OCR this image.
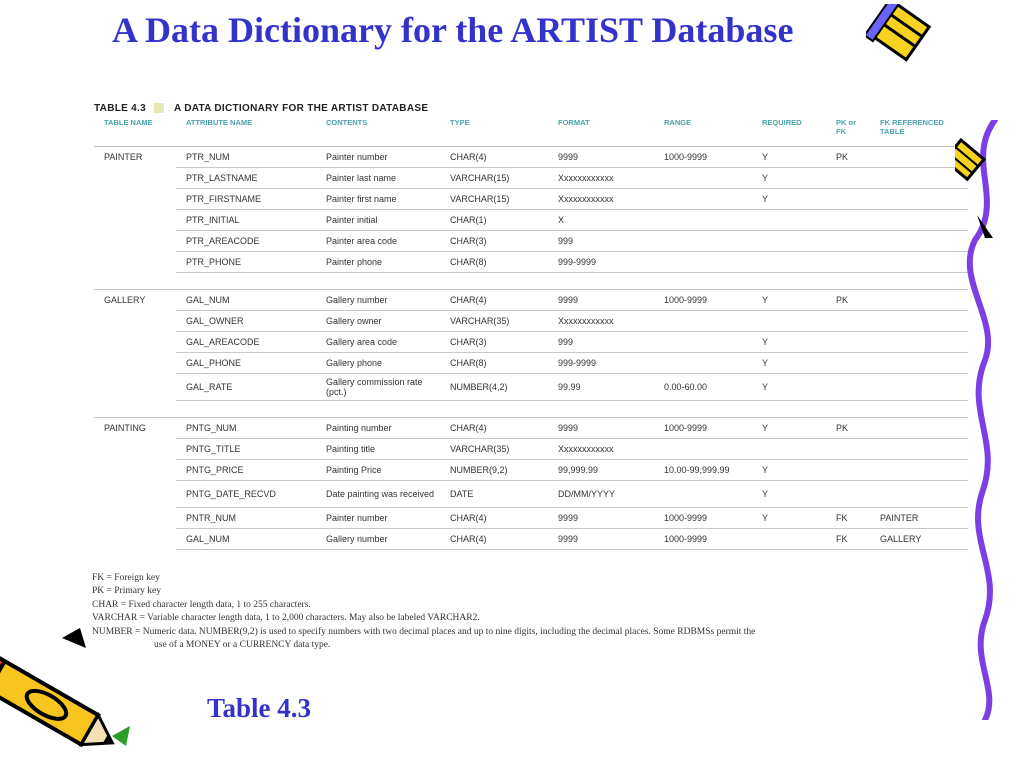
A Data Dictionary for the ARTIST Database
TABLE 4.3	A DATA DICTIONARY FOR THE ARTIST DATABASE
TABLE NAME	ATTRIBUTE NAME	CONTENTS	TYPE	FORMAT	RANGE	REQUIRED	PK or FK	FK REFERENCED TABLE
PAINTER	PTR_NUM	Painter number	CHAR(4)	9999	1000-9999	Y	PK	
	PTR_LASTNAME	Painter last name	VARCHAR(15)	Xxxxxxxxxxxx		Y		
	PTR_FIRSTNAME	Painter first name	VARCHAR(15)	Xxxxxxxxxxxx		Y		
	PTR_INITIAL	Painter initial	CHAR(1)	X				
	PTR_AREACODE	Painter area code	CHAR(3)	999				
	PTR_PHONE	Painter phone	CHAR(8)	999-9999				

GALLERY	GAL_NUM	Gallery number	CHAR(4)	9999	1000-9999	Y	PK	
	GAL_OWNER	Gallery owner	VARCHAR(35)	Xxxxxxxxxxxx				
	GAL_AREACODE	Gallery area code	CHAR(3)	999		Y		
	GAL_PHONE	Gallery phone	CHAR(8)	999-9999		Y		
	GAL_RATE	Gallery commission rate (pct.)	NUMBER(4,2)	99.99	0.00-60.00	Y		

PAINTING	PNTG_NUM	Painting number	CHAR(4)	9999	1000-9999	Y	PK	
	PNTG_TITLE	Painting title	VARCHAR(35)	Xxxxxxxxxxxx				
	PNTG_PRICE	Painting Price	NUMBER(9,2)	99,999.99	10.00-99,999.99	Y		
	PNTG_DATE_RECVD	Date painting was received	DATE	DD/MM/YYYY		Y		
	PNTR_NUM	Painter number	CHAR(4)	9999	1000-9999	Y	FK	PAINTER
	GAL_NUM	Gallery number	CHAR(4)	9999	1000-9999		FK	GALLERY
FK = Foreign key
PK = Primary key
CHAR = Fixed character length data, 1 to 255 characters.
VARCHAR = Variable character length data, 1 to 2,000 characters. May also be labeled VARCHAR2.
NUMBER = Numeric data. NUMBER(9,2) is used to specify numbers with two decimal places and up to nine digits, including the decimal places. Some RDBMSs permit the
use of a MONEY or a CURRENCY data type.
Table 4.3
